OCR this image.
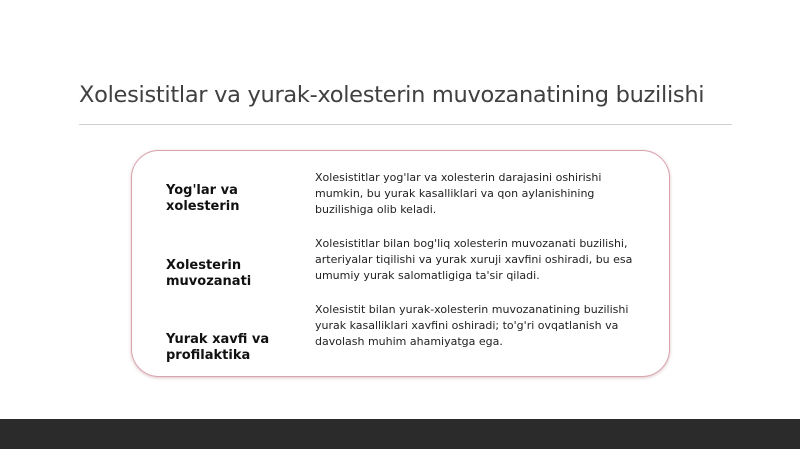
Xolesistitlar va yurak-xolesterin muvozanatining buzilishi

Yog'lar va xolesterin

Xolesistitlar yog'lar va xolesterin darajasini oshirishi mumkin, bu yurak kasalliklari va qon aylanishining buzilishiga olib keladi.

Xolesterin muvozanati

Xolesistitlar bilan bog'liq xolesterin muvozanati buzilishi, arteriyalar tiqilishi va yurak xuruji xavfini oshiradi, bu esa umumiy yurak salomatligiga ta'sir qiladi.

Yurak xavfi va profilaktika

Xolesistit bilan yurak-xolesterin muvozanatining buzilishi yurak kasalliklari xavfini oshiradi; to'g'ri ovqatlanish va davolash muhim ahamiyatga ega.
